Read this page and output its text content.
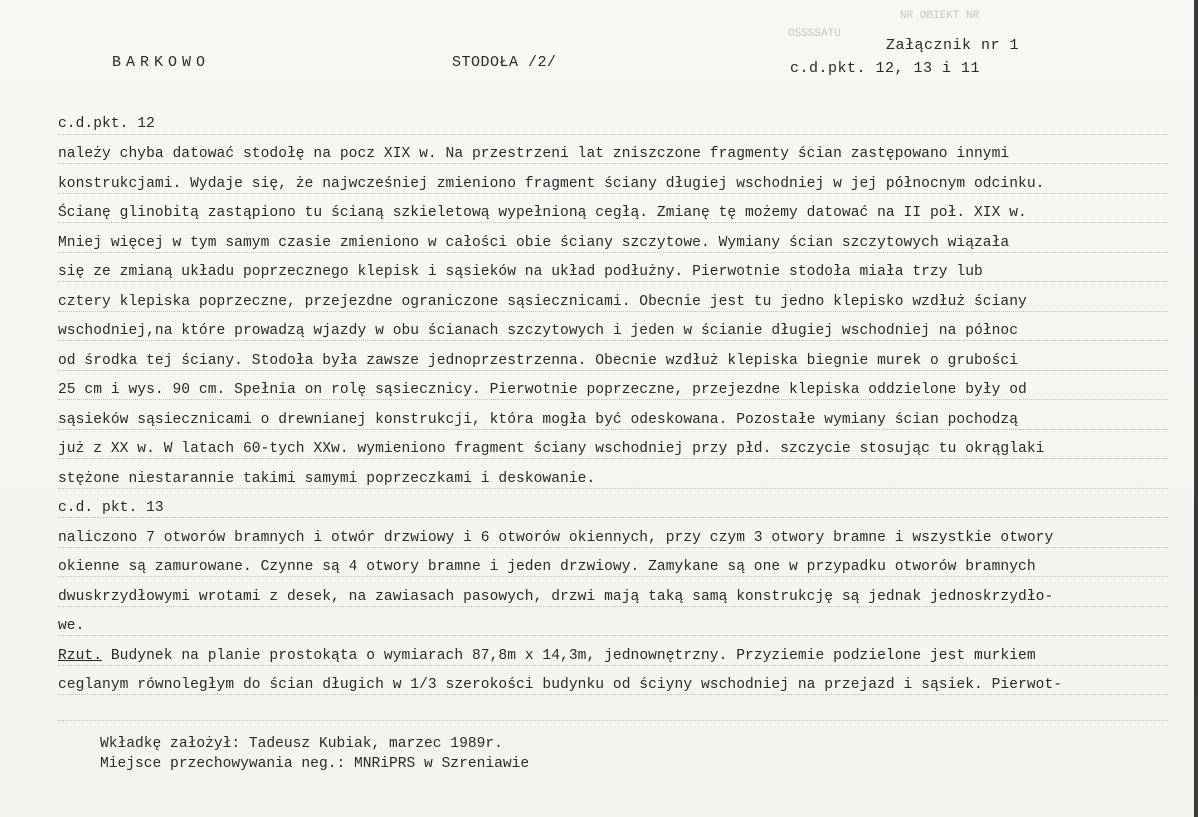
OSSSSATU
NR OBIEKT NR
BARKOWO	STODOŁA /2/
Załącznik nr 1
c.d.pkt. 12, 13 i 11
c.d.pkt. 12
należy chyba datować stodołę na pocz XIX w. Na przestrzeni lat zniszczone fragmenty ścian zastępowano innymi
konstrukcjami. Wydaje się, że najwcześniej zmieniono fragment ściany długiej wschodniej w jej północnym odcinku.
Ścianę glinobitą zastąpiono tu ścianą szkieletową wypełnioną cegłą. Zmianę tę możemy datować na II poł. XIX w.
Mniej więcej w tym samym czasie zmieniono w całości obie ściany szczytowe. Wymiany ścian szczytowych wiązała
się ze zmianą układu poprzecznego klepisk i sąsieków na układ podłużny. Pierwotnie stodoła miała trzy lub
cztery klepiska poprzeczne, przejezdne ograniczone sąsiecznicami. Obecnie jest tu jedno klepisko wzdłuż ściany
wschodniej,na które prowadzą wjazdy w obu ścianach szczytowych i jeden w ścianie długiej wschodniej na północ
od środka tej ściany. Stodoła była zawsze jednoprzestrzenna. Obecnie wzdłuż klepiska biegnie murek o grubości
25 cm i wys. 90 cm. Spełnia on rolę sąsiecznicy. Pierwotnie poprzeczne, przejezdne klepiska oddzielone były od
sąsieków sąsiecznicami o drewnianej konstrukcji, która mogła być odeskowana. Pozostałe wymiany ścian pochodzą
już z XX w. W latach 60-tych XXw. wymieniono fragment ściany wschodniej przy płd. szczycie stosując tu okrąglaki
stężone niestarannie takimi samymi poprzeczkami i deskowanie.
c.d. pkt. 13
naliczono 7 otworów bramnych i otwór drzwiowy i 6 otworów okiennych, przy czym 3 otwory bramne i wszystkie otwory
okienne są zamurowane. Czynne są 4 otwory bramne i jeden drzwiowy. Zamykane są one w przypadku otworów bramnych
dwuskrzydłowymi wrotami z desek, na zawiasach pasowych, drzwi mają taką samą konstrukcję są jednak jednoskrzydło-
we.
Rzut. Budynek na planie prostokąta o wymiarach 87,8m x 14,3m, jednownętrzny. Przyziemie podzielone jest murkiem
ceglanym równoległym do ścian długich w 1/3 szerokości budynku od ściyny wschodniej na przejazd i sąsiek. Pierwot-
Wkładkę założył: Tadeusz Kubiak, marzec 1989r.
Miejsce przechowywania neg.: MNRiPRS w Szreniawie
